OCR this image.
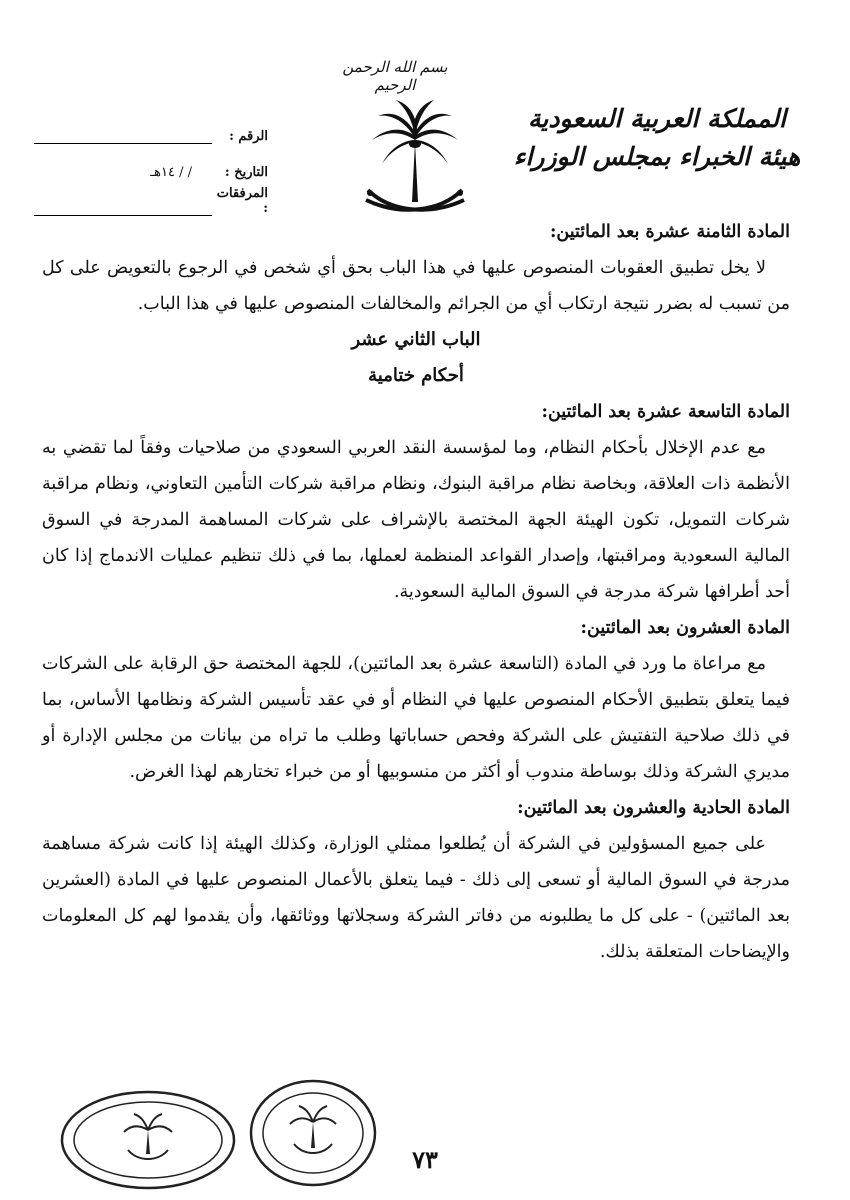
بسم الله الرحمن الرحيم
المملكة العربية السعودية
هيئة الخبراء بمجلس الوزراء
الرقم :
التاريخ :
/ / ١٤هـ
المرفقات :

المادة الثامنة عشرة بعد المائتين:

لا يخل تطبيق العقوبات المنصوص عليها في هذا الباب بحق أي شخص في الرجوع بالتعويض على كل من تسبب له بضرر نتيجة ارتكاب أي من الجرائم والمخالفات المنصوص عليها في هذا الباب.

الباب الثاني عشر

أحكام ختامية

المادة التاسعة عشرة بعد المائتين:

مع عدم الإخلال بأحكام النظام، وما لمؤسسة النقد العربي السعودي من صلاحيات وفقاً لما تقضي به الأنظمة ذات العلاقة، وبخاصة نظام مراقبة البنوك، ونظام مراقبة شركات التأمين التعاوني، ونظام مراقبة شركات التمويل، تكون الهيئة الجهة المختصة بالإشراف على شركات المساهمة المدرجة في السوق المالية السعودية ومراقبتها، وإصدار القواعد المنظمة لعملها، بما في ذلك تنظيم عمليات الاندماج إذا كان أحد أطرافها شركة مدرجة في السوق المالية السعودية.

المادة العشرون بعد المائتين:

مع مراعاة ما ورد في المادة (التاسعة عشرة بعد المائتين)، للجهة المختصة حق الرقابة على الشركات فيما يتعلق بتطبيق الأحكام المنصوص عليها في النظام أو في عقد تأسيس الشركة ونظامها الأساس، بما في ذلك صلاحية التفتيش على الشركة وفحص حساباتها وطلب ما تراه من بيانات من مجلس الإدارة أو مديري الشركة وذلك بوساطة مندوب أو أكثر من منسوبيها أو من خبراء تختارهم لهذا الغرض.

المادة الحادية والعشرون بعد المائتين:

على جميع المسؤولين في الشركة أن يُطلعوا ممثلي الوزارة، وكذلك الهيئة إذا كانت شركة مساهمة مدرجة في السوق المالية أو تسعى إلى ذلك - فيما يتعلق بالأعمال المنصوص عليها في المادة (العشرين بعد المائتين) - على كل ما يطلبونه من دفاتر الشركة وسجلاتها ووثائقها، وأن يقدموا لهم كل المعلومات والإيضاحات المتعلقة بذلك.

٧٣
